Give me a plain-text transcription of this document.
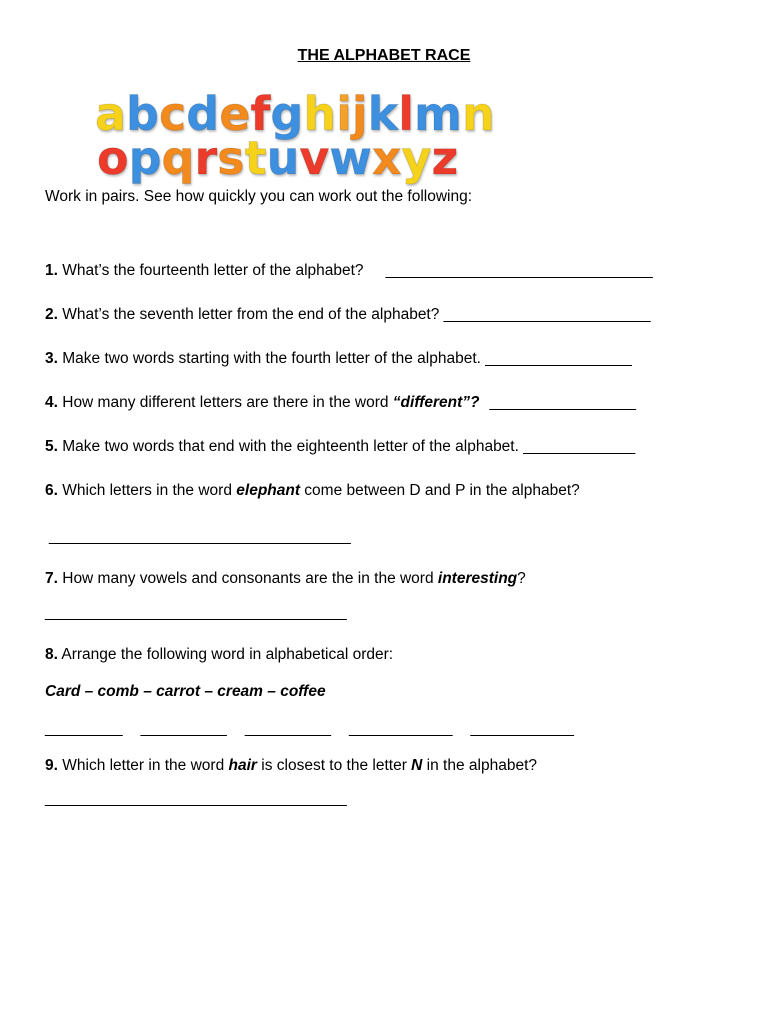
THE ALPHABET RACE
a b c d e f g h i j k l m n
o p q r s t u v w x y z
Work in pairs. See how quickly you can work out the following:
1. What’s the fourteenth letter of the alphabet? _______________________________
2. What’s the seventh letter from the end of the alphabet? ________________________
3. Make two words starting with the fourth letter of the alphabet. _________________
4. How many different letters are there in the word “different”? _________________
5. Make two words that end with the eighteenth letter of the alphabet. _____________
6. Which letters in the word elephant come between D and P in the alphabet?
___________________________________
7. How many vowels and consonants are the in the word interesting?
___________________________________
8. Arrange the following word in alphabetical order:
Card – comb – carrot – cream – coffee
_________ __________ __________ ____________ ____________
9. Which letter in the word hair is closest to the letter N in the alphabet?
___________________________________
